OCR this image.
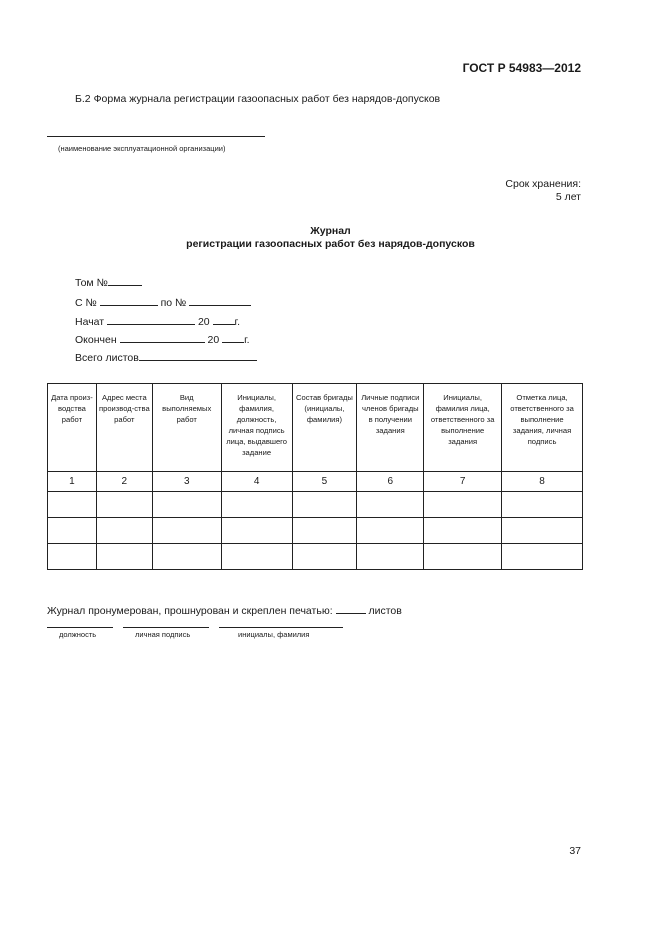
ГОСТ Р 54983—2012
Б.2 Форма журнала регистрации газоопасных работ без нарядов-допусков
(наименование эксплуатационной организации)
Срок хранения:
5 лет
Журнал
регистрации газоопасных работ без нарядов-допусков
Том №
С №	по №
Начат	20 г.
Окончен	20 г.
Всего листов
Дата произ-водства работ	Адрес места производ-ства работ	Вид выполняемых работ	Инициалы, фамилия, должность, личная подпись лица, выдавшего задание	Состав бригады (инициалы, фамилия)	Личные подписи членов бригады в получении задания	Инициалы, фамилия лица, ответственного за выполнение задания	Отметка лица, ответственного за выполнение задания, личная подпись
1	2	3	4	5	6	7	8

Журнал пронумерован, прошнурован и скреплен печатью:	листов
должность	личная подпись	инициалы, фамилия
37
